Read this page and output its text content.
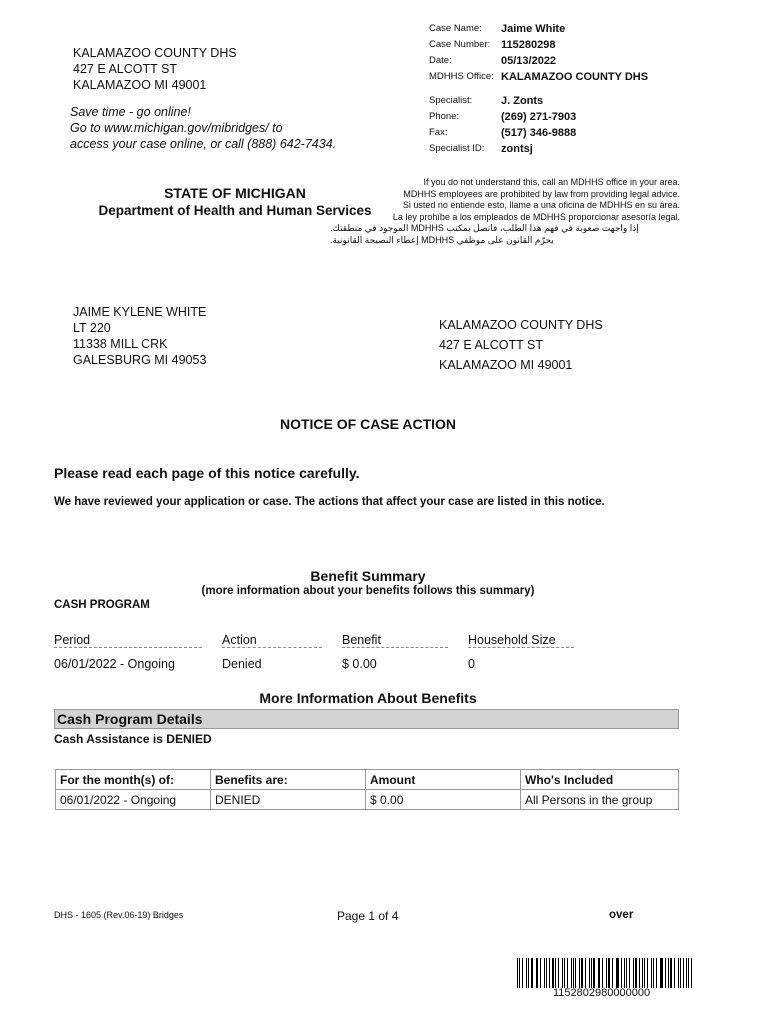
KALAMAZOO COUNTY DHS
427 E ALCOTT ST
KALAMAZOO MI 49001
Save time - go online!
Go to www.michigan.gov/mibridges/ to
access your case online, or call (888) 642-7434.
Case Name:	Jaime White
Case Number: 115280298
Date:	05/13/2022
MDHHS Office: KALAMAZOO COUNTY DHS
Specialist:	J. Zonts
Phone:	(269) 271-7903
Fax:	(517) 346-9888
Specialist ID:	zontsj
STATE OF MICHIGAN
Department of Health and Human Services
If you do not understand this, call an MDHHS office in your area.
MDHHS employees are prohibited by law from providing legal advice.
Si usted no entiende esto, llame a una oficina de MDHHS en su área.
La ley prohíbe a los empleados de MDHHS proporcionar asesoría legal.
إذا واجهت صعوبة في فهم هذا الطلب، فاتصل بمكتب MDHHS الموجود في منطقتك.
يحرّم القانون على موظفي MDHHS إعطاء النصيحة القانونية.
JAIME KYLENE WHITE
LT 220
11338 MILL CRK
GALESBURG MI 49053
KALAMAZOO COUNTY DHS
427 E ALCOTT ST
KALAMAZOO MI 49001
NOTICE OF CASE ACTION
Please read each page of this notice carefully.
We have reviewed your application or case. The actions that affect your case are listed in this notice.
Benefit Summary
(more information about your benefits follows this summary)
CASH PROGRAM
Period	Action	Benefit	Household Size
06/01/2022 - Ongoing	Denied	$ 0.00	0
More Information About Benefits
Cash Program Details
Cash Assistance is DENIED
For the month(s) of:	Benefits are:	Amount	Who's Included
06/01/2022 - Ongoing	DENIED	$ 0.00	All Persons in the group
DHS - 1605 (Rev.06-19) Bridges	Page 1 of 4	over
1152802980000000
